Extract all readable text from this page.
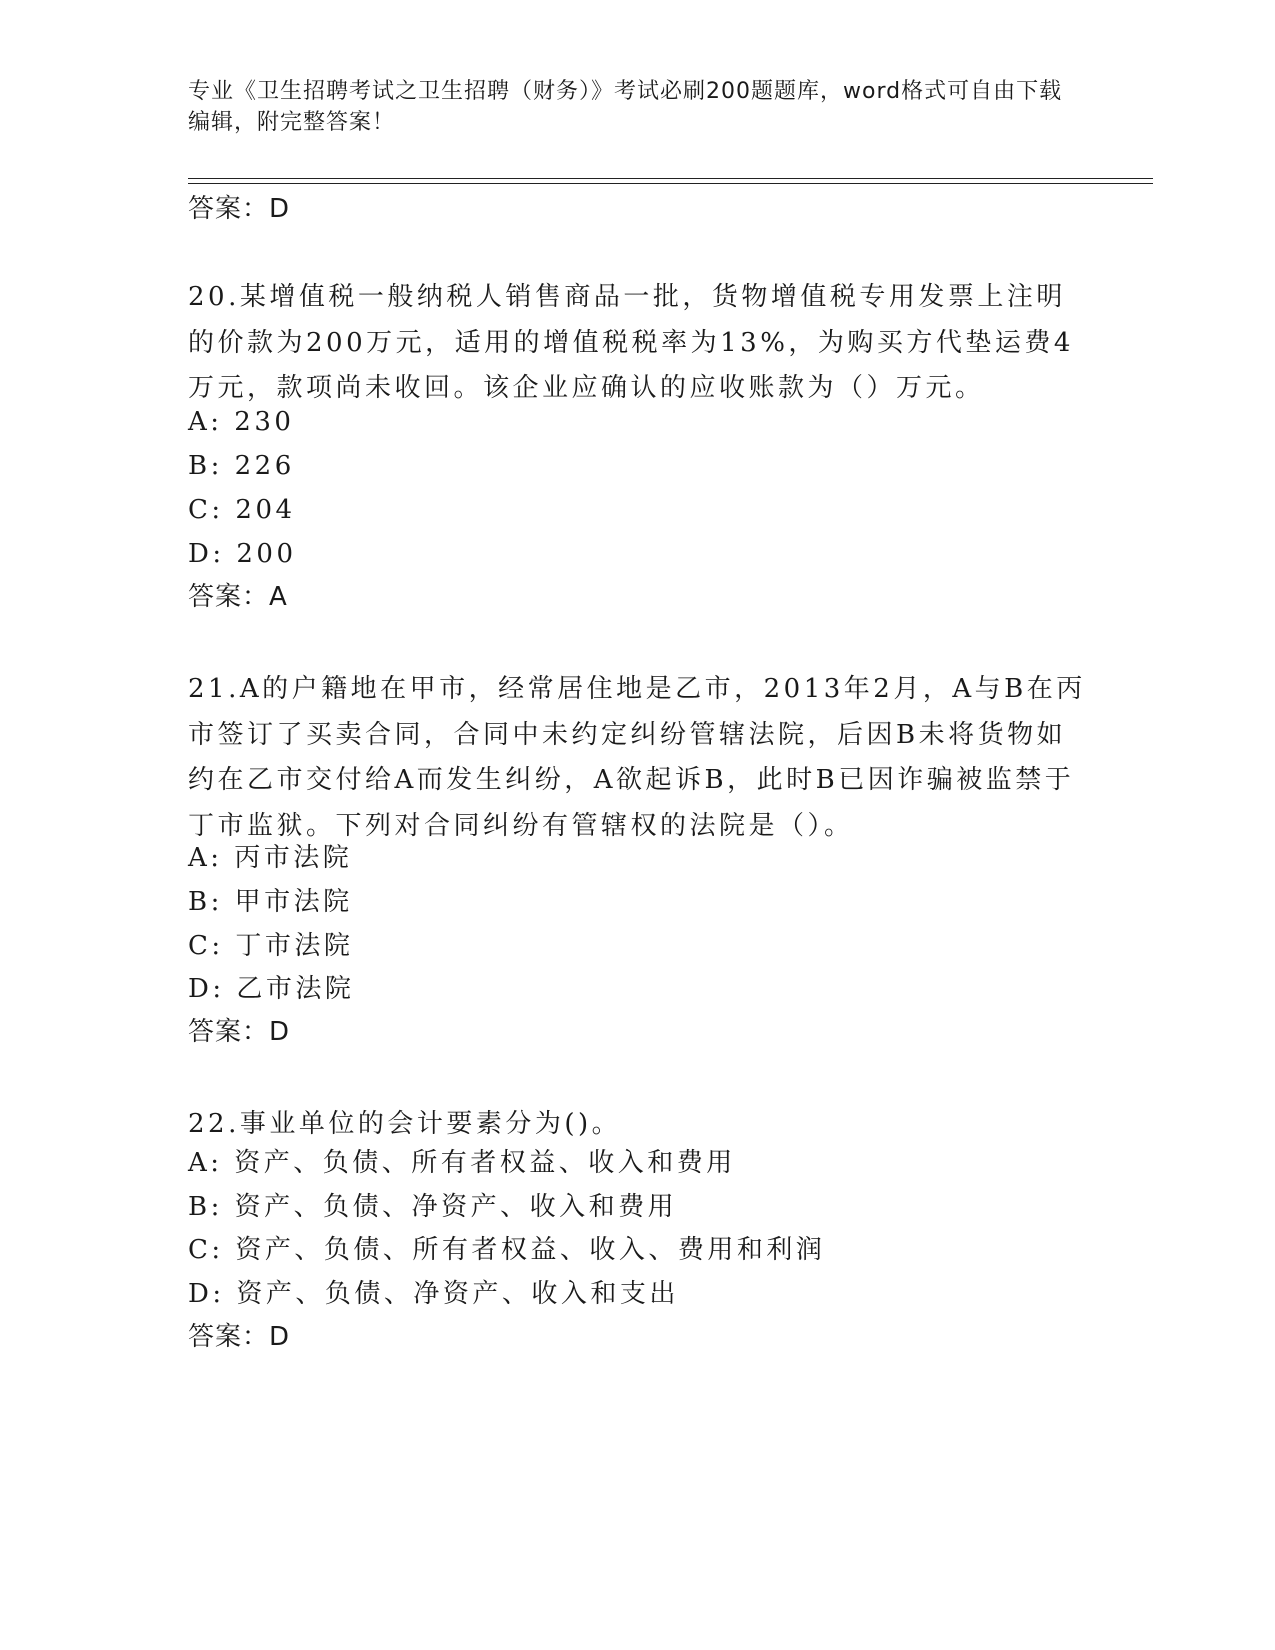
专业《卫生招聘考试之卫生招聘（财务）》考试必刷200题题库，word格式可自由下载编辑，附完整答案！
答案：D
20.某增值税一般纳税人销售商品一批，货物增值税专用发票上注明的价款为200万元，适用的增值税税率为13%，为购买方代垫运费4万元，款项尚未收回。该企业应确认的应收账款为（）万元。
A: 230
B: 226
C: 204
D: 200
答案：A
21.A的户籍地在甲市，经常居住地是乙市，2013年2月，A与B在丙市签订了买卖合同，合同中未约定纠纷管辖法院，后因B未将货物如约在乙市交付给A而发生纠纷，A欲起诉B，此时B已因诈骗被监禁于丁市监狱。下列对合同纠纷有管辖权的法院是（）。
A: 丙市法院
B: 甲市法院
C: 丁市法院
D: 乙市法院
答案：D
22.事业单位的会计要素分为()。
A: 资产、负债、所有者权益、收入和费用
B: 资产、负债、净资产、收入和费用
C: 资产、负债、所有者权益、收入、费用和利润
D: 资产、负债、净资产、收入和支出
答案：D
